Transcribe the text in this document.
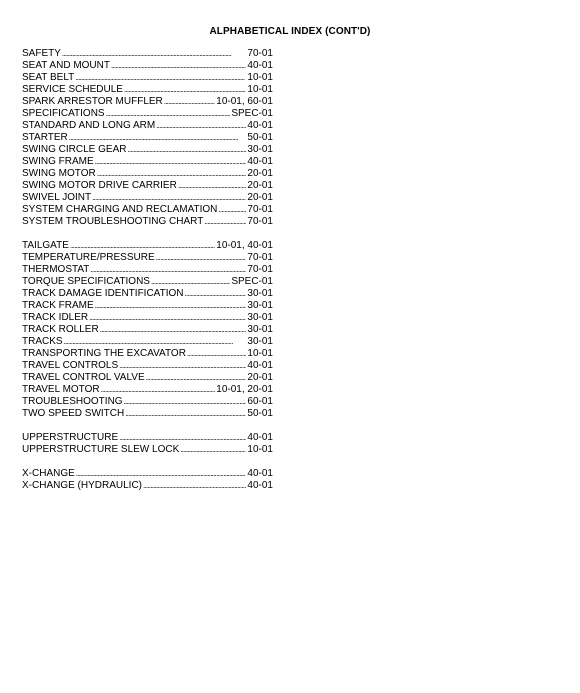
ALPHABETICAL INDEX (CONT'D)
SAFETY . . .	70-01
SEAT AND MOUNT . . .	40-01
SEAT BELT . . .	10-01
SERVICE SCHEDULE . . .	10-01
SPARK ARRESTOR MUFFLER . . .	10-01, 60-01
SPECIFICATIONS . . .	SPEC-01
STANDARD AND LONG ARM . . .	40-01
STARTER . . .	50-01
SWING CIRCLE GEAR . . .	30-01
SWING FRAME . . .	40-01
SWING MOTOR . . .	20-01
SWING MOTOR DRIVE CARRIER . . .	20-01
SWIVEL JOINT . . .	20-01
SYSTEM CHARGING AND RECLAMATION . . .	70-01
SYSTEM TROUBLESHOOTING CHART . . .	70-01
TAILGATE . . .	10-01, 40-01
TEMPERATURE/PRESSURE . . .	70-01
THERMOSTAT . . .	70-01
TORQUE SPECIFICATIONS . . .	SPEC-01
TRACK DAMAGE IDENTIFICATION . . .	30-01
TRACK FRAME . . .	30-01
TRACK IDLER . . .	30-01
TRACK ROLLER . . .	30-01
TRACKS . . .	30-01
TRANSPORTING THE EXCAVATOR . . .	10-01
TRAVEL CONTROLS . . .	40-01
TRAVEL CONTROL VALVE . . .	20-01
TRAVEL MOTOR . . .	10-01, 20-01
TROUBLESHOOTING . . .	60-01
TWO SPEED SWITCH . . .	50-01
UPPERSTRUCTURE . . .	40-01
UPPERSTRUCTURE SLEW LOCK . . .	10-01
X-CHANGE . . .	40-01
X-CHANGE (HYDRAULIC) . . .	40-01
